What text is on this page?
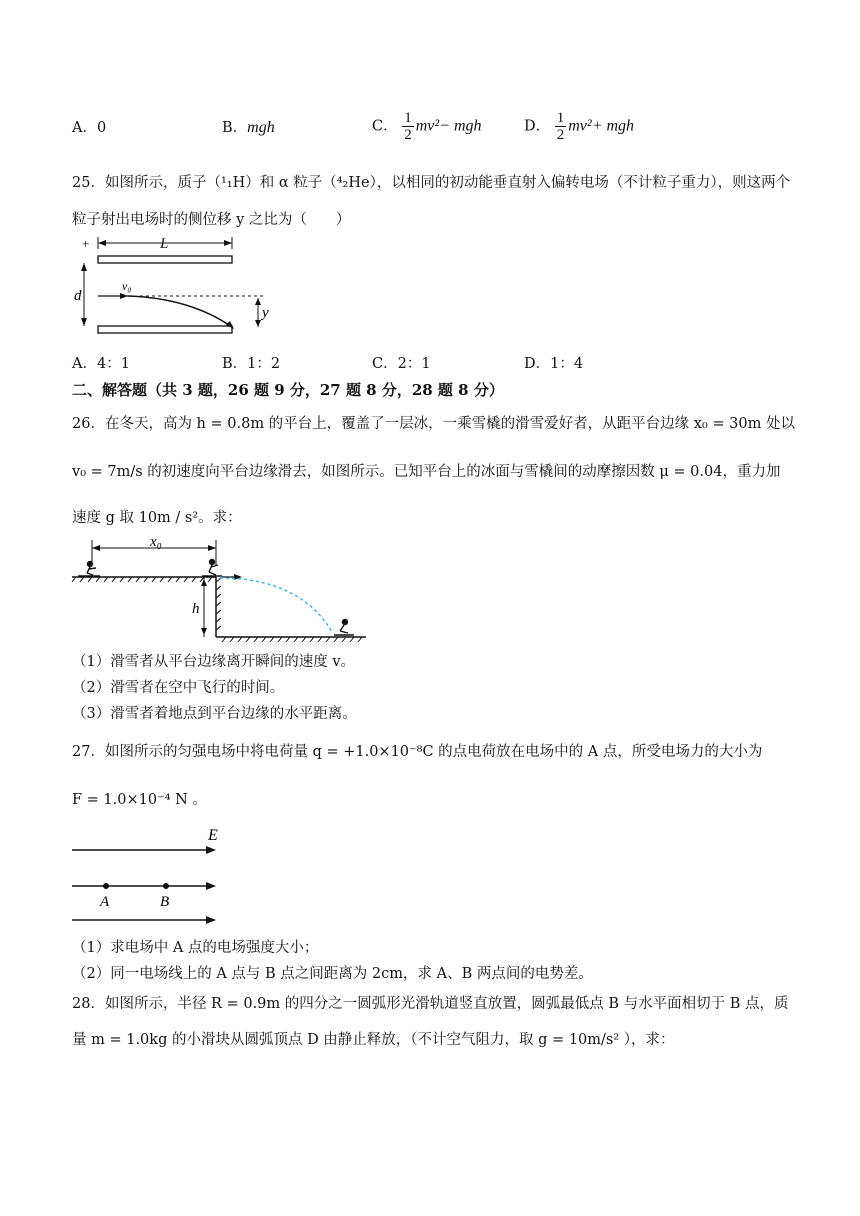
A．0	B．mgh	C． $\frac{1}{2} mv^2-$ mgh	D． $\frac{1}{2} mv^2+$ mgh
25．如图所示，质子（¹₁H）和 α 粒子（⁴₂He），以相同的初动能垂直射入偏转电场（不计粒子重力），则这两个
粒子射出电场时的侧位移 y 之比为（　　）
+	L
d
v₀
y
A．4：1	B．1：2	C．2：1	D．1：4
二、解答题（共 3 题，26 题 9 分，27 题 8 分，28 题 8 分）
26．在冬天，高为 h = 0.8m 的平台上，覆盖了一层冰，一乘雪橇的滑雪爱好者，从距平台边缘 x₀ = 30m 处以
v₀ = 7m/s 的初速度向平台边缘滑去，如图所示。已知平台上的冰面与雪橇间的动摩擦因数 μ = 0.04，重力加
速度 g 取 10m / s²。求：
x₀
h
（1）滑雪者从平台边缘离开瞬间的速度 v。
（2）滑雪者在空中飞行的时间。
（3）滑雪者着地点到平台边缘的水平距离。
27．如图所示的匀强电场中将电荷量 q = +1.0×10⁻⁸C 的点电荷放在电场中的 A 点，所受电场力的大小为
F = 1.0×10⁻⁴ N 。
E
A	B
（1）求电场中 A 点的电场强度大小；
（2）同一电场线上的 A 点与 B 点之间距离为 2cm，求 A、B 两点间的电势差。
28．如图所示，半径 R = 0.9m 的四分之一圆弧形光滑轨道竖直放置，圆弧最低点 B 与水平面相切于 B 点，质
量 m = 1.0kg 的小滑块从圆弧顶点 D 由静止释放，（不计空气阻力，取 g = 10m/s² ），求：
